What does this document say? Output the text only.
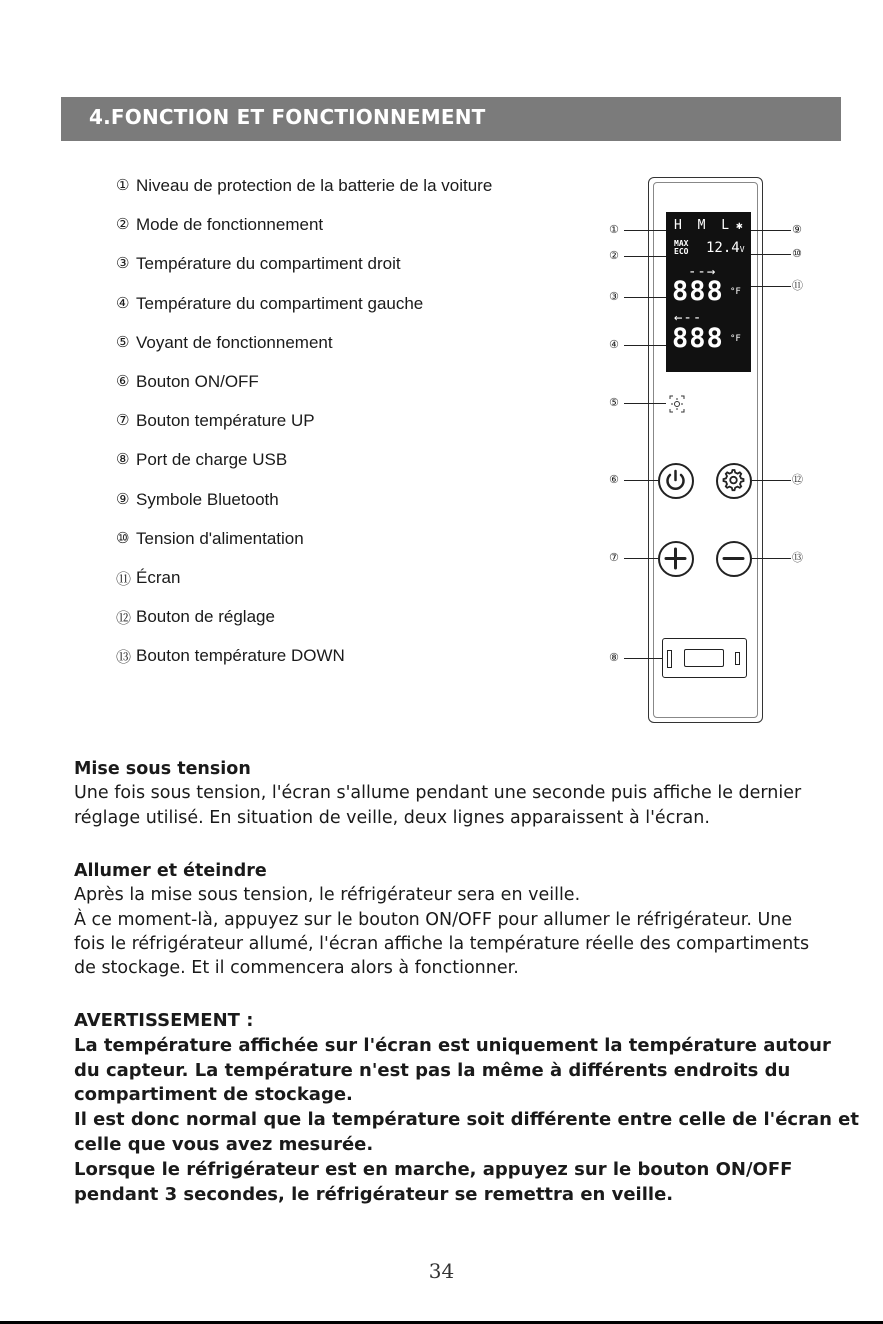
4.FONCTION ET FONCTIONNEMENT
① Niveau de protection de la batterie de la voiture
② Mode de fonctionnement
③ Température du compartiment droit
④ Température du compartiment gauche
⑤ Voyant de fonctionnement
⑥ Bouton ON/OFF
⑦ Bouton température UP
⑧ Port de charge USB
⑨ Symbole Bluetooth
⑩ Tension d'alimentation
⑪ Écran
⑫ Bouton de réglage
⑬ Bouton température DOWN
H M L ✱
MAX
ECO 12.4V
--→
888 °F
←--
888 °F
①
②
③
④
⑤
⑥
⑦
⑧
⑨
⑩
⑪
⑫
⑬
Mise sous tension
Une fois sous tension, l'écran s'allume pendant une seconde puis affiche le dernier
réglage utilisé. En situation de veille, deux lignes apparaissent à l'écran.
Allumer et éteindre
Après la mise sous tension, le réfrigérateur sera en veille.
À ce moment-là, appuyez sur le bouton ON/OFF pour allumer le réfrigérateur. Une
fois le réfrigérateur allumé, l'écran affiche la température réelle des compartiments
de stockage. Et il commencera alors à fonctionner.
AVERTISSEMENT :
La température affichée sur l'écran est uniquement la température autour
du capteur. La température n'est pas la même à différents endroits du
compartiment de stockage.
Il est donc normal que la température soit différente entre celle de l'écran et
celle que vous avez mesurée.
Lorsque le réfrigérateur est en marche, appuyez sur le bouton ON/OFF
pendant 3 secondes, le réfrigérateur se remettra en veille.
34
